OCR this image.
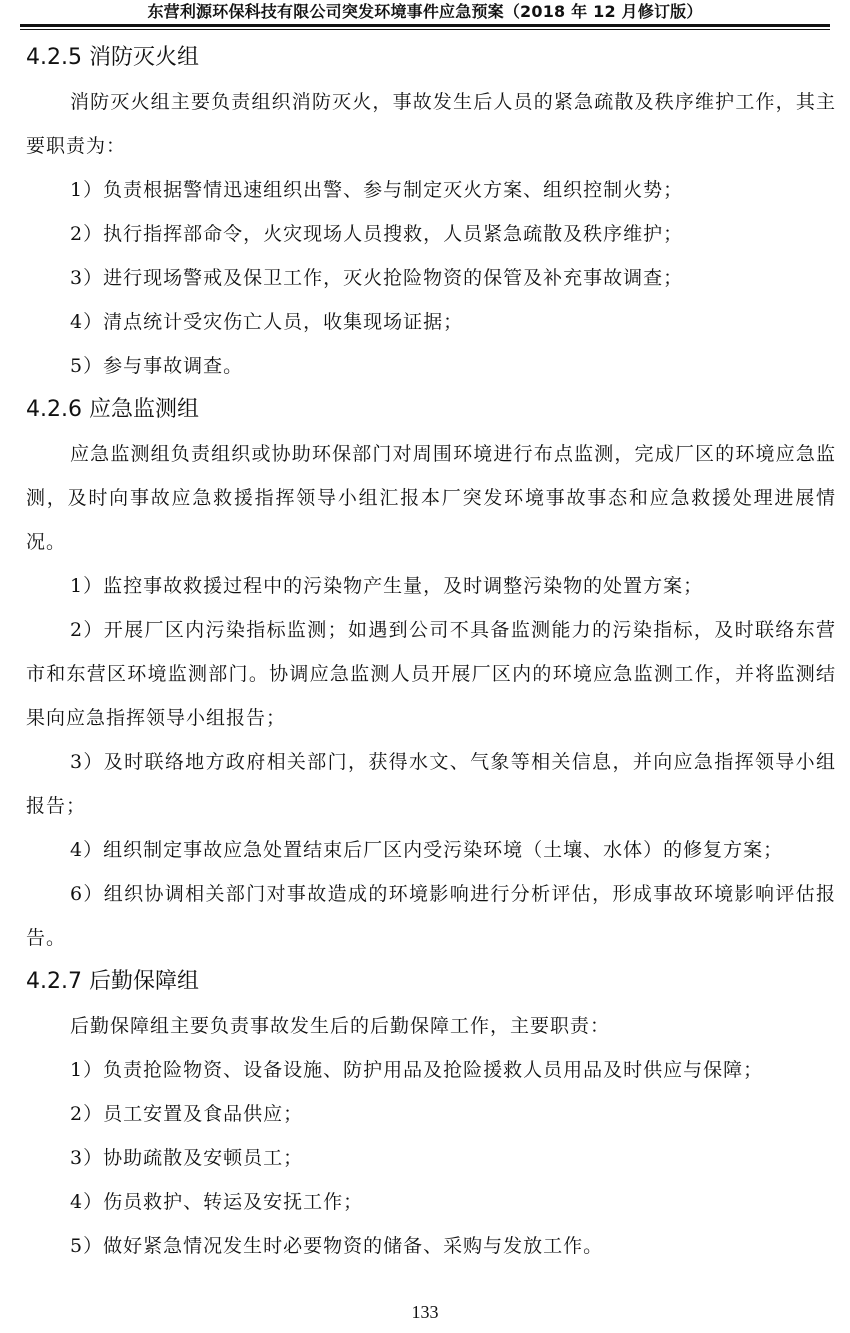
东营利源环保科技有限公司突发环境事件应急预案（2018 年 12 月修订版）

4.2.5 消防灭火组

消防灭火组主要负责组织消防灭火，事故发生后人员的紧急疏散及秩序维护工作，其主要职责为：

1）负责根据警情迅速组织出警、参与制定灭火方案、组织控制火势；

2）执行指挥部命令，火灾现场人员搜救，人员紧急疏散及秩序维护；

3）进行现场警戒及保卫工作，灭火抢险物资的保管及补充事故调查；

4）清点统计受灾伤亡人员，收集现场证据；

5）参与事故调查。

4.2.6 应急监测组

应急监测组负责组织或协助环保部门对周围环境进行布点监测，完成厂区的环境应急监测，及时向事故应急救援指挥领导小组汇报本厂突发环境事故事态和应急救援处理进展情况。

1）监控事故救援过程中的污染物产生量，及时调整污染物的处置方案；

2）开展厂区内污染指标监测；如遇到公司不具备监测能力的污染指标，及时联络东营市和东营区环境监测部门。协调应急监测人员开展厂区内的环境应急监测工作，并将监测结果向应急指挥领导小组报告；

3）及时联络地方政府相关部门，获得水文、气象等相关信息，并向应急指挥领导小组报告；

4）组织制定事故应急处置结束后厂区内受污染环境（土壤、水体）的修复方案；

6）组织协调相关部门对事故造成的环境影响进行分析评估，形成事故环境影响评估报告。

4.2.7 后勤保障组

后勤保障组主要负责事故发生后的后勤保障工作，主要职责：

1）负责抢险物资、设备设施、防护用品及抢险援救人员用品及时供应与保障；

2）员工安置及食品供应；

3）协助疏散及安顿员工；

4）伤员救护、转运及安抚工作；

5）做好紧急情况发生时必要物资的储备、采购与发放工作。

133
